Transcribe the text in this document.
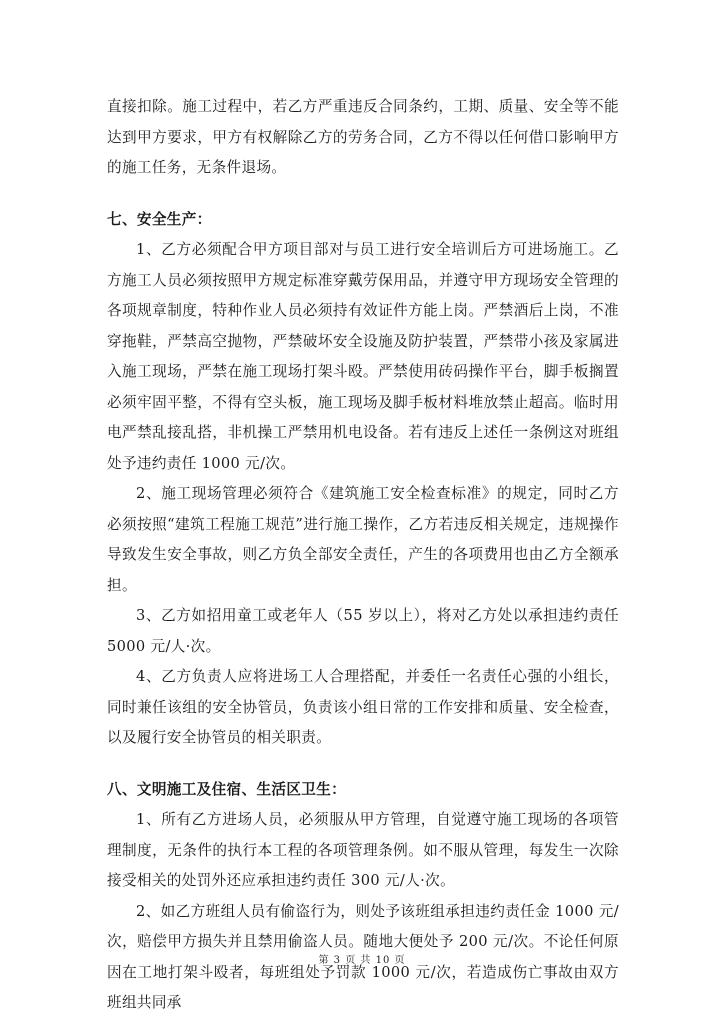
直接扣除。施工过程中，若乙方严重违反合同条约，工期、质量、安全等不能达到甲方要求，甲方有权解除乙方的劳务合同，乙方不得以任何借口影响甲方的施工任务，无条件退场。

七、安全生产：

1、乙方必须配合甲方项目部对与员工进行安全培训后方可进场施工。乙方施工人员必须按照甲方规定标准穿戴劳保用品，并遵守甲方现场安全管理的各项规章制度，特种作业人员必须持有效证件方能上岗。严禁酒后上岗，不准穿拖鞋，严禁高空抛物，严禁破坏安全设施及防护装置，严禁带小孩及家属进入施工现场，严禁在施工现场打架斗殴。严禁使用砖码操作平台，脚手板搁置必须牢固平整，不得有空头板，施工现场及脚手板材料堆放禁止超高。临时用电严禁乱接乱搭，非机操工严禁用机电设备。若有违反上述任一条例这对班组处予违约责任 1000 元/次。

2、施工现场管理必须符合《建筑施工安全检查标准》的规定，同时乙方必须按照“建筑工程施工规范”进行施工操作，乙方若违反相关规定，违规操作导致发生安全事故，则乙方负全部安全责任，产生的各项费用也由乙方全额承担。

3、乙方如招用童工或老年人（55 岁以上），将对乙方处以承担违约责任 5000 元/人·次。

4、乙方负责人应将进场工人合理搭配，并委任一名责任心强的小组长，同时兼任该组的安全协管员，负责该小组日常的工作安排和质量、安全检查，以及履行安全协管员的相关职责。

八、文明施工及住宿、生活区卫生：

1、所有乙方进场人员，必须服从甲方管理，自觉遵守施工现场的各项管理制度，无条件的执行本工程的各项管理条例。如不服从管理，每发生一次除接受相关的处罚外还应承担违约责任 300 元/人·次。

2、如乙方班组人员有偷盗行为，则处予该班组承担违约责任金 1000 元/次，赔偿甲方损失并且禁用偷盗人员。随地大便处予 200 元/次。不论任何原因在工地打架斗殴者，每班组处予罚款 1000 元/次，若造成伤亡事故由双方班组共同承

第 3 页 共 10 页
